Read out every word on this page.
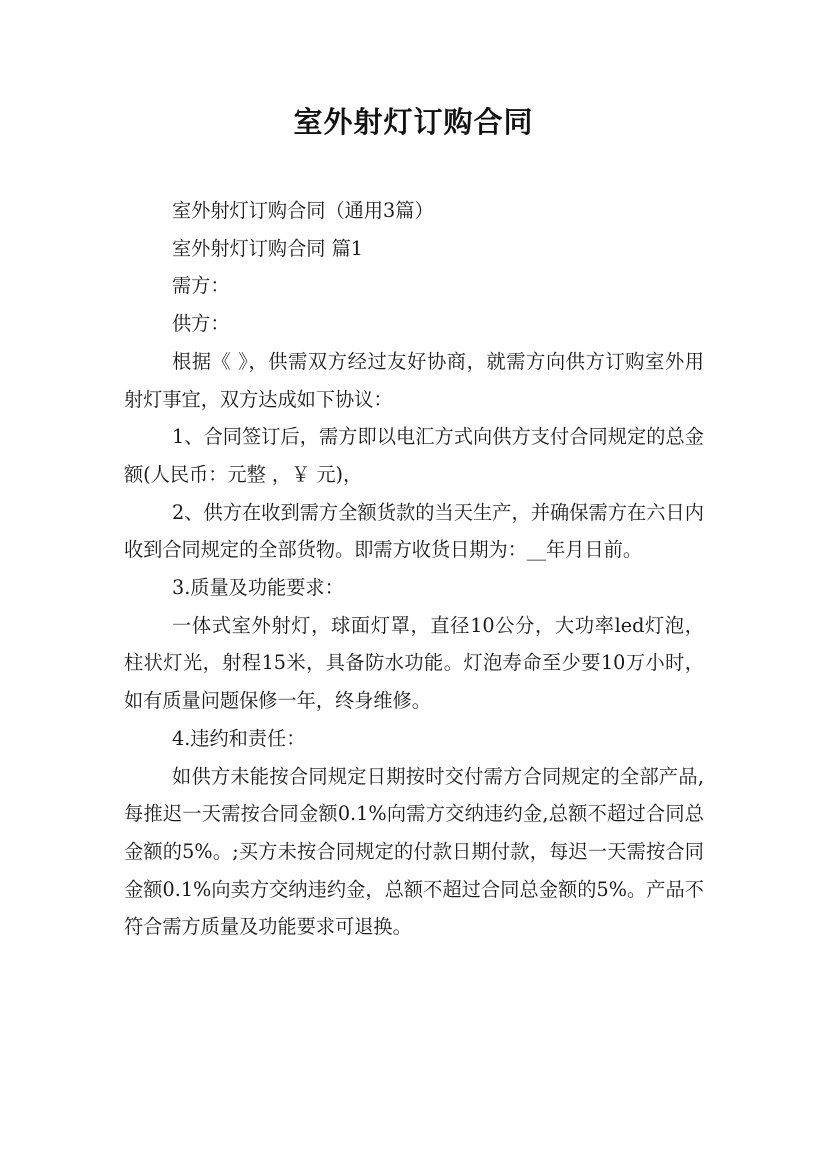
室外射灯订购合同

室外射灯订购合同（通用3篇）

室外射灯订购合同 篇1

需方：

供方：

根据《 》，供需双方经过友好协商，就需方向供方订购室外用射灯事宜，双方达成如下协议：

1、合同签订后，需方即以电汇方式向供方支付合同规定的总金额(人民币：元整 ，￥ 元)，

2、供方在收到需方全额货款的当天生产，并确保需方在六日内收到合同规定的全部货物。即需方收货日期为：__年月日前。

3.质量及功能要求：

一体式室外射灯，球面灯罩，直径10公分，大功率led灯泡，柱状灯光，射程15米，具备防水功能。灯泡寿命至少要10万小时，如有质量问题保修一年，终身维修。

4.违约和责任：

如供方未能按合同规定日期按时交付需方合同规定的全部产品,每推迟一天需按合同金额0.1%向需方交纳违约金,总额不超过合同总金额的5%。;买方未按合同规定的付款日期付款，每迟一天需按合同金额0.1%向卖方交纳违约金，总额不超过合同总金额的5%。产品不符合需方质量及功能要求可退换。
